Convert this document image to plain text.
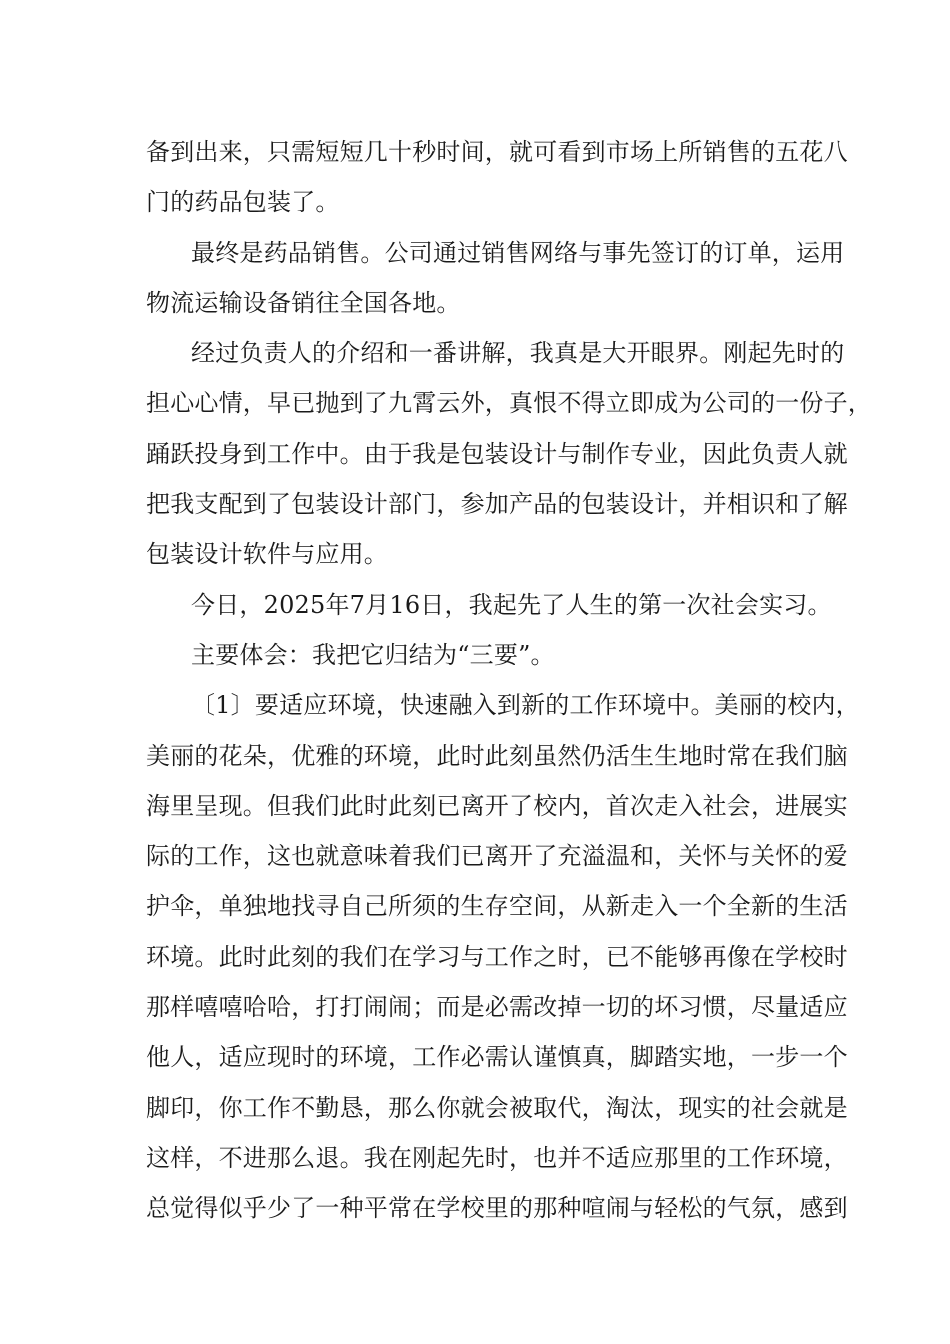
备到出来，只需短短几十秒时间，就可看到市场上所销售的五花八
门的药品包装了。
最终是药品销售。公司通过销售网络与事先签订的订单，运用
物流运输设备销往全国各地。
经过负责人的介绍和一番讲解，我真是大开眼界。刚起先时的
担心心情，早已抛到了九霄云外，真恨不得立即成为公司的一份子，
踊跃投身到工作中。由于我是包装设计与制作专业，因此负责人就
把我支配到了包装设计部门，参加产品的包装设计，并相识和了解
包装设计软件与应用。
今日，2025年7月16日，我起先了人生的第一次社会实习。
主要体会：我把它归结为“三要”。
〔1〕要适应环境，快速融入到新的工作环境中。美丽的校内，
美丽的花朵，优雅的环境，此时此刻虽然仍活生生地时常在我们脑
海里呈现。但我们此时此刻已离开了校内，首次走入社会，进展实
际的工作，这也就意味着我们已离开了充溢温和，关怀与关怀的爱
护伞，单独地找寻自己所须的生存空间，从新走入一个全新的生活
环境。此时此刻的我们在学习与工作之时，已不能够再像在学校时
那样嘻嘻哈哈，打打闹闹；而是必需改掉一切的坏习惯，尽量适应
他人，适应现时的环境，工作必需认谨慎真，脚踏实地，一步一个
脚印，你工作不勤恳，那么你就会被取代，淘汰，现实的社会就是
这样，不进那么退。我在刚起先时，也并不适应那里的工作环境，
总觉得似乎少了一种平常在学校里的那种喧闹与轻松的气氛，感到
